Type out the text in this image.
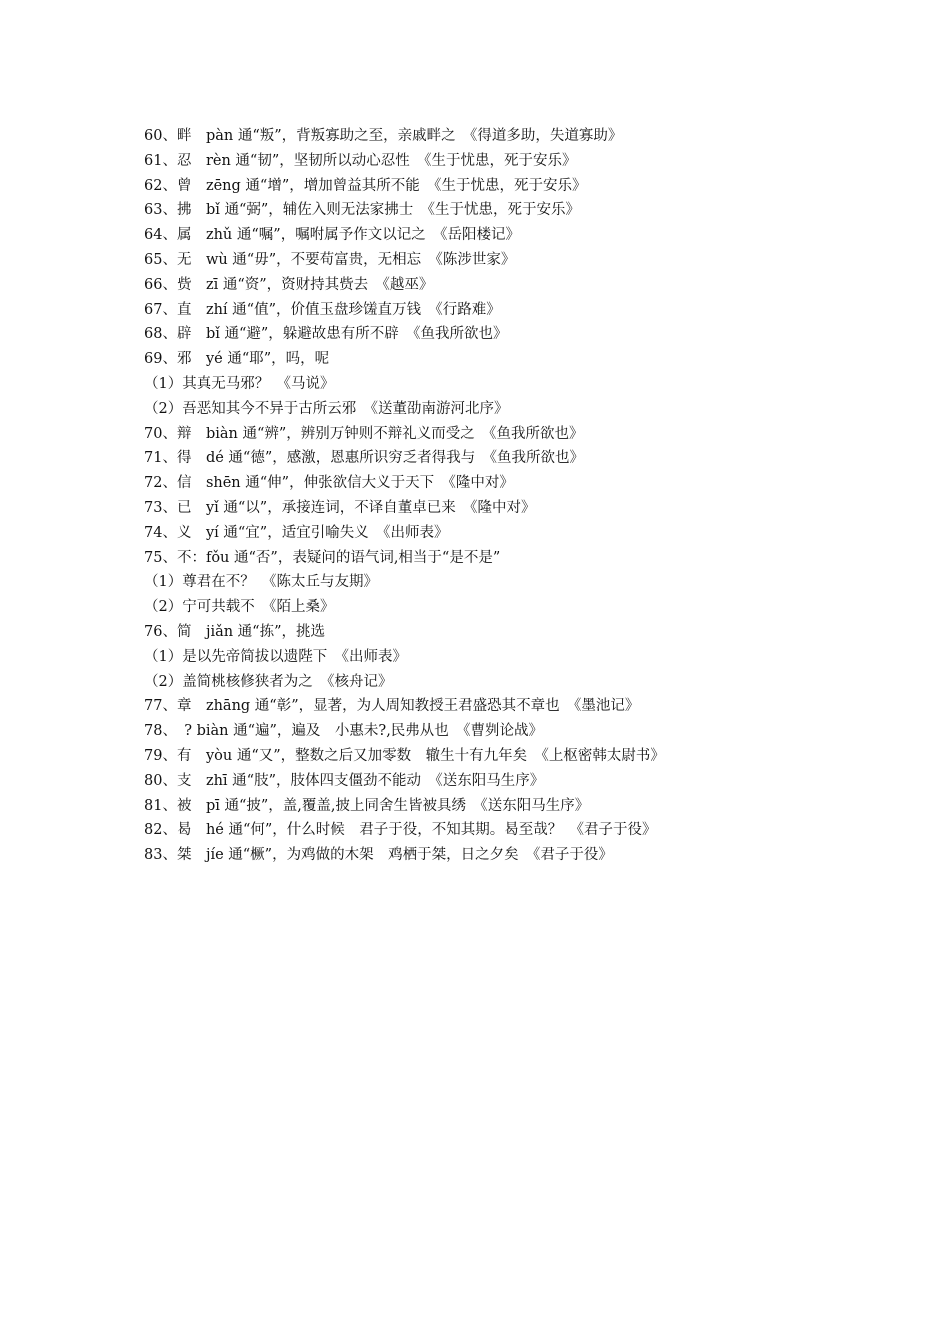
60、畔　pàn 通“叛”，背叛寡助之至，亲戚畔之　《得道多助，失道寡助》
61、忍　rèn 通“韧”，坚韧所以动心忍性　《生于忧患，死于安乐》
62、曾　zēng 通“增”，增加曾益其所不能　《生于忧患，死于安乐》
63、拂　bǐ 通“弼”，辅佐入则无法家拂士　《生于忧患，死于安乐》
64、属　zhǔ 通“嘱”，嘱咐属予作文以记之　《岳阳楼记》
65、无　wù 通“毋”，不要苟富贵，无相忘　《陈涉世家》
66、赀　zī 通“资”，资财持其赀去　《越巫》
67、直　zhí 通“值”，价值玉盘珍馐直万钱　《行路难》
68、辟　bǐ 通“避”，躲避故患有所不辟　《鱼我所欲也》
69、邪　yé 通“耶”，吗，呢
（1）其真无马邪？　《马说》
（2）吾恶知其今不异于古所云邪　《送董劭南游河北序》
70、辩　biàn 通“辨”，辨别万钟则不辩礼义而受之　《鱼我所欲也》
71、得　dé 通“德”，感激，恩惠所识穷乏者得我与　《鱼我所欲也》
72、信　shēn 通“伸”，伸张欲信大义于天下　《隆中对》
73、已　yǐ 通“以”，承接连词，不译自董卓已来　《隆中对》
74、义　yí 通“宜”，适宜引喻失义　《出师表》
75、不：fǒu 通“否”，表疑问的语气词,相当于“是不是”
（1）尊君在不？　《陈太丘与友期》
（2）宁可共载不　《陌上桑》
76、简　jiǎn 通“拣”，挑选
（1）是以先帝简拔以遗陛下　《出师表》
（2）盖简桃核修狭者为之　《核舟记》
77、章　zhāng 通“彰”，显著，为人周知教授王君盛恐其不章也　《墨池记》
78、　? biàn 通“遍”，遍及　小惠未?,民弗从也　《曹刿论战》
79、有　yòu 通“又”，整数之后又加零数　辙生十有九年矣　《上枢密韩太尉书》
80、支　zhī 通“肢”，肢体四支僵劲不能动　《送东阳马生序》
81、被　pī 通“披”，盖,覆盖,披上同舍生皆被具绣　《送东阳马生序》
82、曷　hé 通“何”，什么时候　君子于役，不知其期。曷至哉？　《君子于役》
83、桀　jíe 通“橛”，为鸡做的木架　鸡栖于桀，日之夕矣　《君子于役》
